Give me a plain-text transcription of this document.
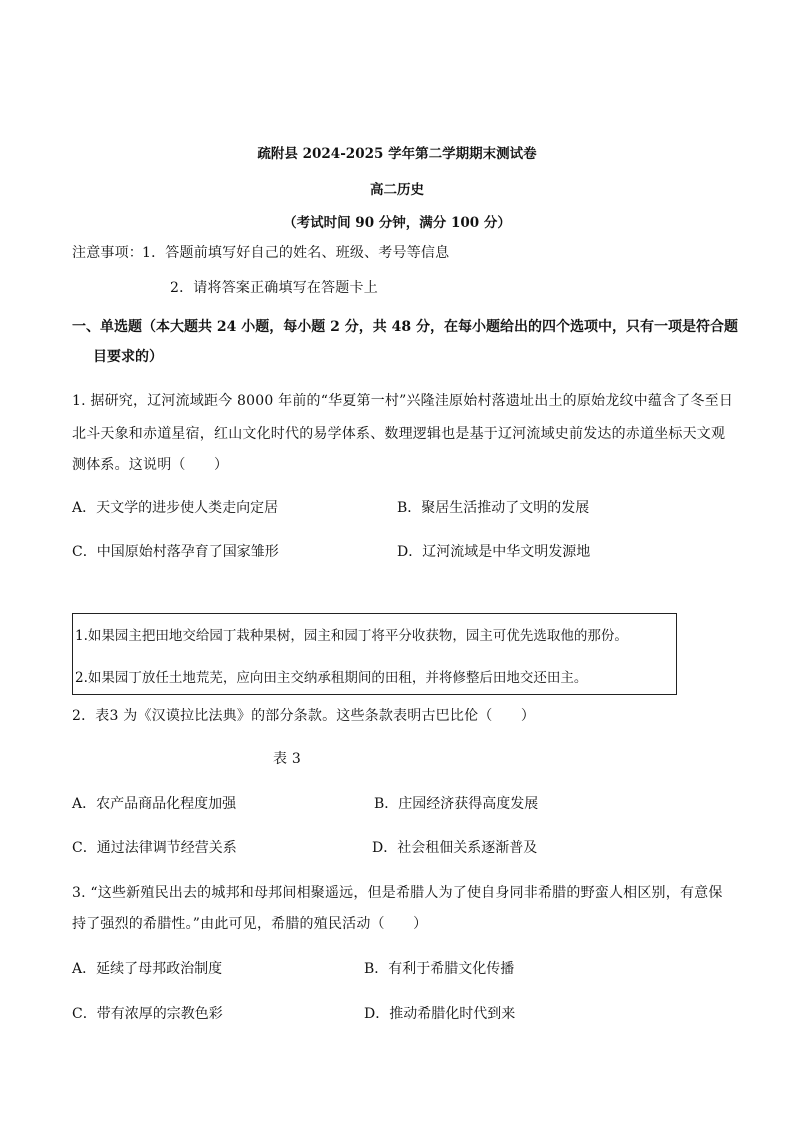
疏附县 2024-2025 学年第二学期期末测试卷
高二历史
（考试时间 90 分钟，满分 100 分）
注意事项： 1．答题前填写好自己的姓名、班级、考号等信息
2．请将答案正确填写在答题卡上
一、单选题（本大题共 24 小题，每小题 2 分，共 48 分，在每小题给出的四个选项中，只有一项是符合题
目要求的）
1. 据研究，辽河流域距今 8000 年前的“华夏第一村”兴隆洼原始村落遗址出土的原始龙纹中蕴含了冬至日
北斗天象和赤道星宿，红山文化时代的易学体系、数理逻辑也是基于辽河流域史前发达的赤道坐标天文观
测体系。这说明（　　）
A．天文学的进步使人类走向定居	B．聚居生活推动了文明的发展
C．中国原始村落孕育了国家雏形	D．辽河流域是中华文明发源地
1.如果园主把田地交给园丁栽种果树，园主和园丁将平分收获物，园主可优先选取他的那份。
2.如果园丁放任土地荒芜，应向田主交纳承租期间的田租，并将修整后田地交还田主。
2．表3 为《汉谟拉比法典》的部分条款。这些条款表明古巴比伦（　　）
表 3
A．农产品商品化程度加强	B．庄园经济获得高度发展
C．通过法律调节经营关系	D．社会租佃关系逐渐普及
3. “这些新殖民出去的城邦和母邦间相聚遥远，但是希腊人为了使自身同非希腊的野蛮人相区别，有意保
持了强烈的希腊性。”由此可见，希腊的殖民活动（　　）
A．延续了母邦政治制度	B．有利于希腊文化传播
C．带有浓厚的宗教色彩	D．推动希腊化时代到来
